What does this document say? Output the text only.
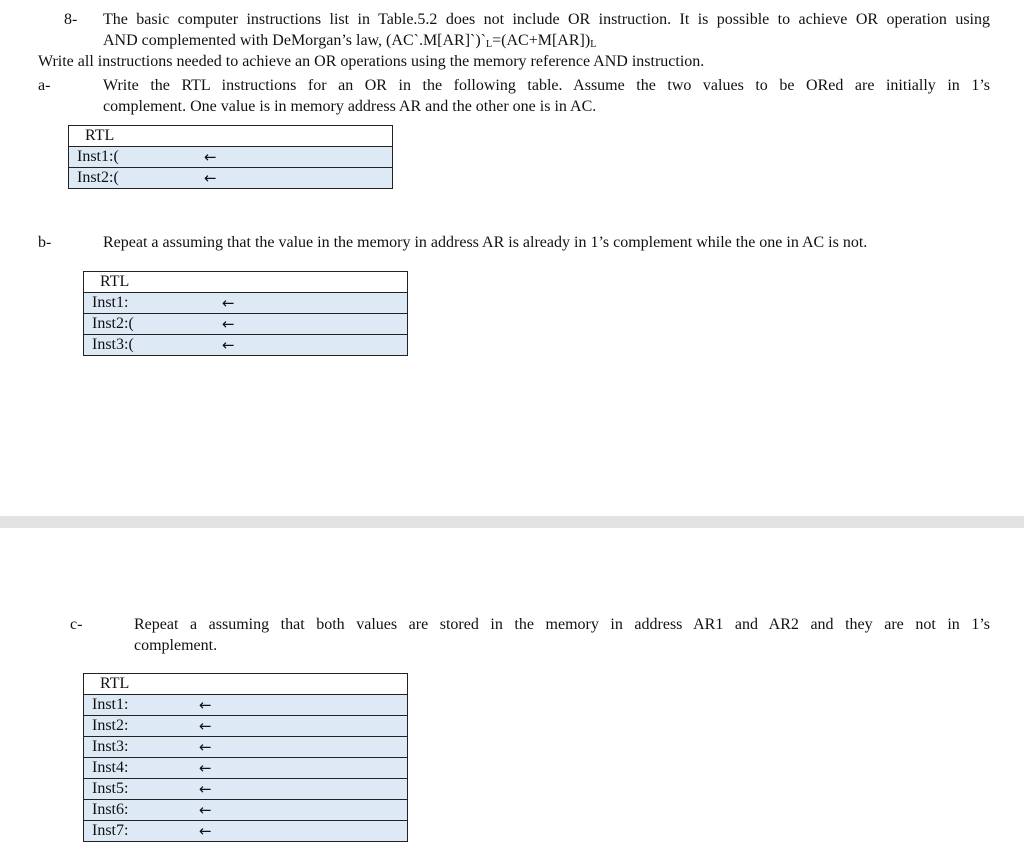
8- The basic computer instructions list in Table.5.2 does not include OR instruction. It is possible to achieve OR operation using
AND complemented with DeMorgan’s law, $(AC`.M[AR]`)`_L=(AC+M[AR])_L$
Write all instructions needed to achieve an OR operations using the memory reference AND instruction.
a-	Write the RTL instructions for an OR in the following table. Assume the two values to be ORed are initially in 1’s
complement. One value is in memory address AR and the other one is in AC.
RTL
Inst1:(	←

Inst2:(	←
b-	Repeat a assuming that the value in the memory in address AR is already in 1’s complement while the one in AC is not.
RTL
Inst1:	←

Inst2:(	←

Inst3:(	←
c-	Repeat a assuming that both values are stored in the memory in address AR1 and AR2 and they are not in 1’s
complement.
RTL
Inst1:	←

Inst2:	←

Inst3:	←

Inst4:	←

Inst5:	←

Inst6:	←

Inst7:	←
